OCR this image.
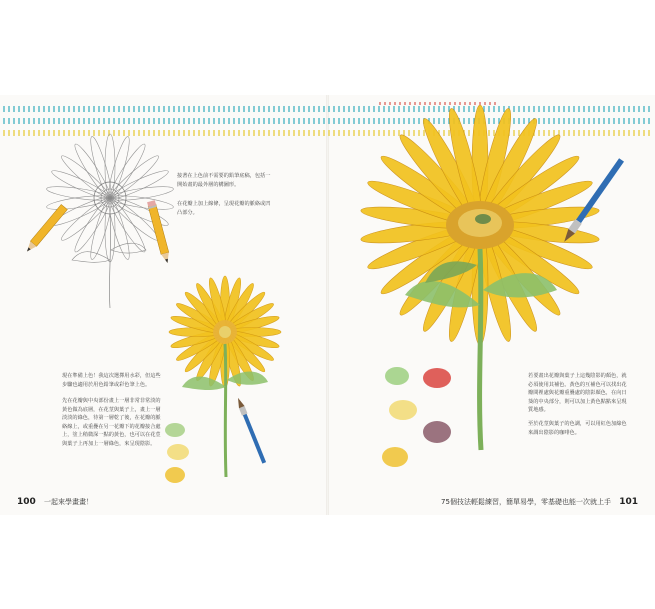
接著在上色前不需要的鉛筆底稿，包括一開始畫的最外層的構圖形。
在花瓣上加上線條，呈現花瓣的脈絡或凹凸部分。
現在準備上色！我這次選擇用水彩，但這些步驟也適用於用色鉛筆或彩色筆上色。
先在花瓣與中央部份畫上一層非常非常淡的黃色做為底層，在花莖與葉子上，畫上一層淡淡的綠色，待第一層乾了後，在花瓣的脈絡線上，或重疊在另一花瓣下的花瓣接合處上，塗上稍微深一點的黃色，也可以在花莖與葉子上再加上一層綠色，來呈現陰影。
若要畫出花瓣與葉子上這幾陰影的顏色，就必須使用其補色。黃色的互補色可以找出花瓣間裡處與花瓣重疊處的陰影顏色，在向日葵的中央部分，則可以加上黃色點點來呈現質地感。
至於花莖與葉子的色調，可以用紅色加綠色來調出陰影的咖啡色。
100 一起來學畫畫！	75個技法輕鬆練習，簡單易學，零基礎也能一次就上手 101
